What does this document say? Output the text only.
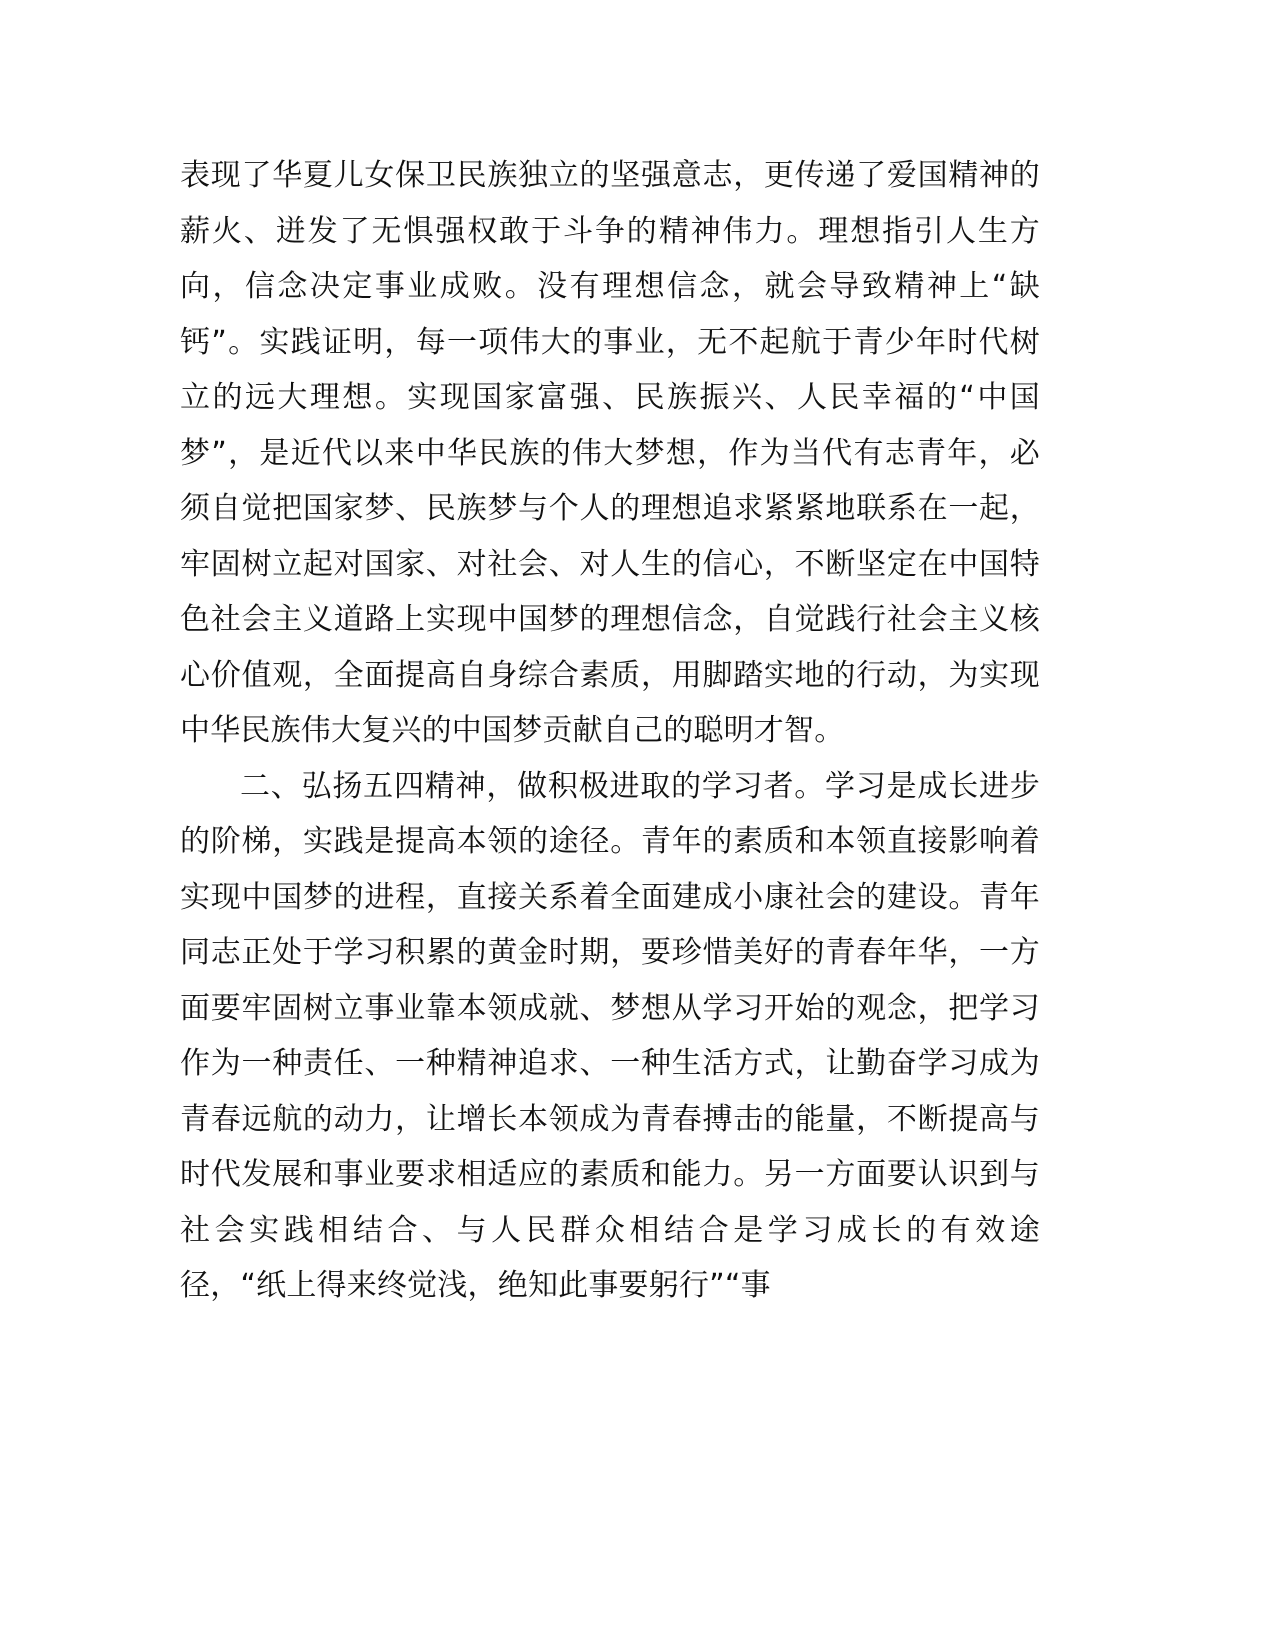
表现了华夏儿女保卫民族独立的坚强意志，更传递了爱国精神的薪火、迸发了无惧强权敢于斗争的精神伟力。理想指引人生方向，信念决定事业成败。没有理想信念，就会导致精神上“缺钙”。实践证明，每一项伟大的事业，无不起航于青少年时代树立的远大理想。实现国家富强、民族振兴、人民幸福的“中国梦”，是近代以来中华民族的伟大梦想，作为当代有志青年，必须自觉把国家梦、民族梦与个人的理想追求紧紧地联系在一起，牢固树立起对国家、对社会、对人生的信心，不断坚定在中国特色社会主义道路上实现中国梦的理想信念，自觉践行社会主义核心价值观，全面提高自身综合素质，用脚踏实地的行动，为实现中华民族伟大复兴的中国梦贡献自己的聪明才智。

二、弘扬五四精神，做积极进取的学习者。学习是成长进步的阶梯，实践是提高本领的途径。青年的素质和本领直接影响着实现中国梦的进程，直接关系着全面建成小康社会的建设。青年同志正处于学习积累的黄金时期，要珍惜美好的青春年华，一方面要牢固树立事业靠本领成就、梦想从学习开始的观念，把学习作为一种责任、一种精神追求、一种生活方式，让勤奋学习成为青春远航的动力，让增长本领成为青春搏击的能量，不断提高与时代发展和事业要求相适应的素质和能力。另一方面要认识到与社会实践相结合、与人民群众相结合是学习成长的有效途径，“纸上得来终觉浅，绝知此事要躬行”“事
